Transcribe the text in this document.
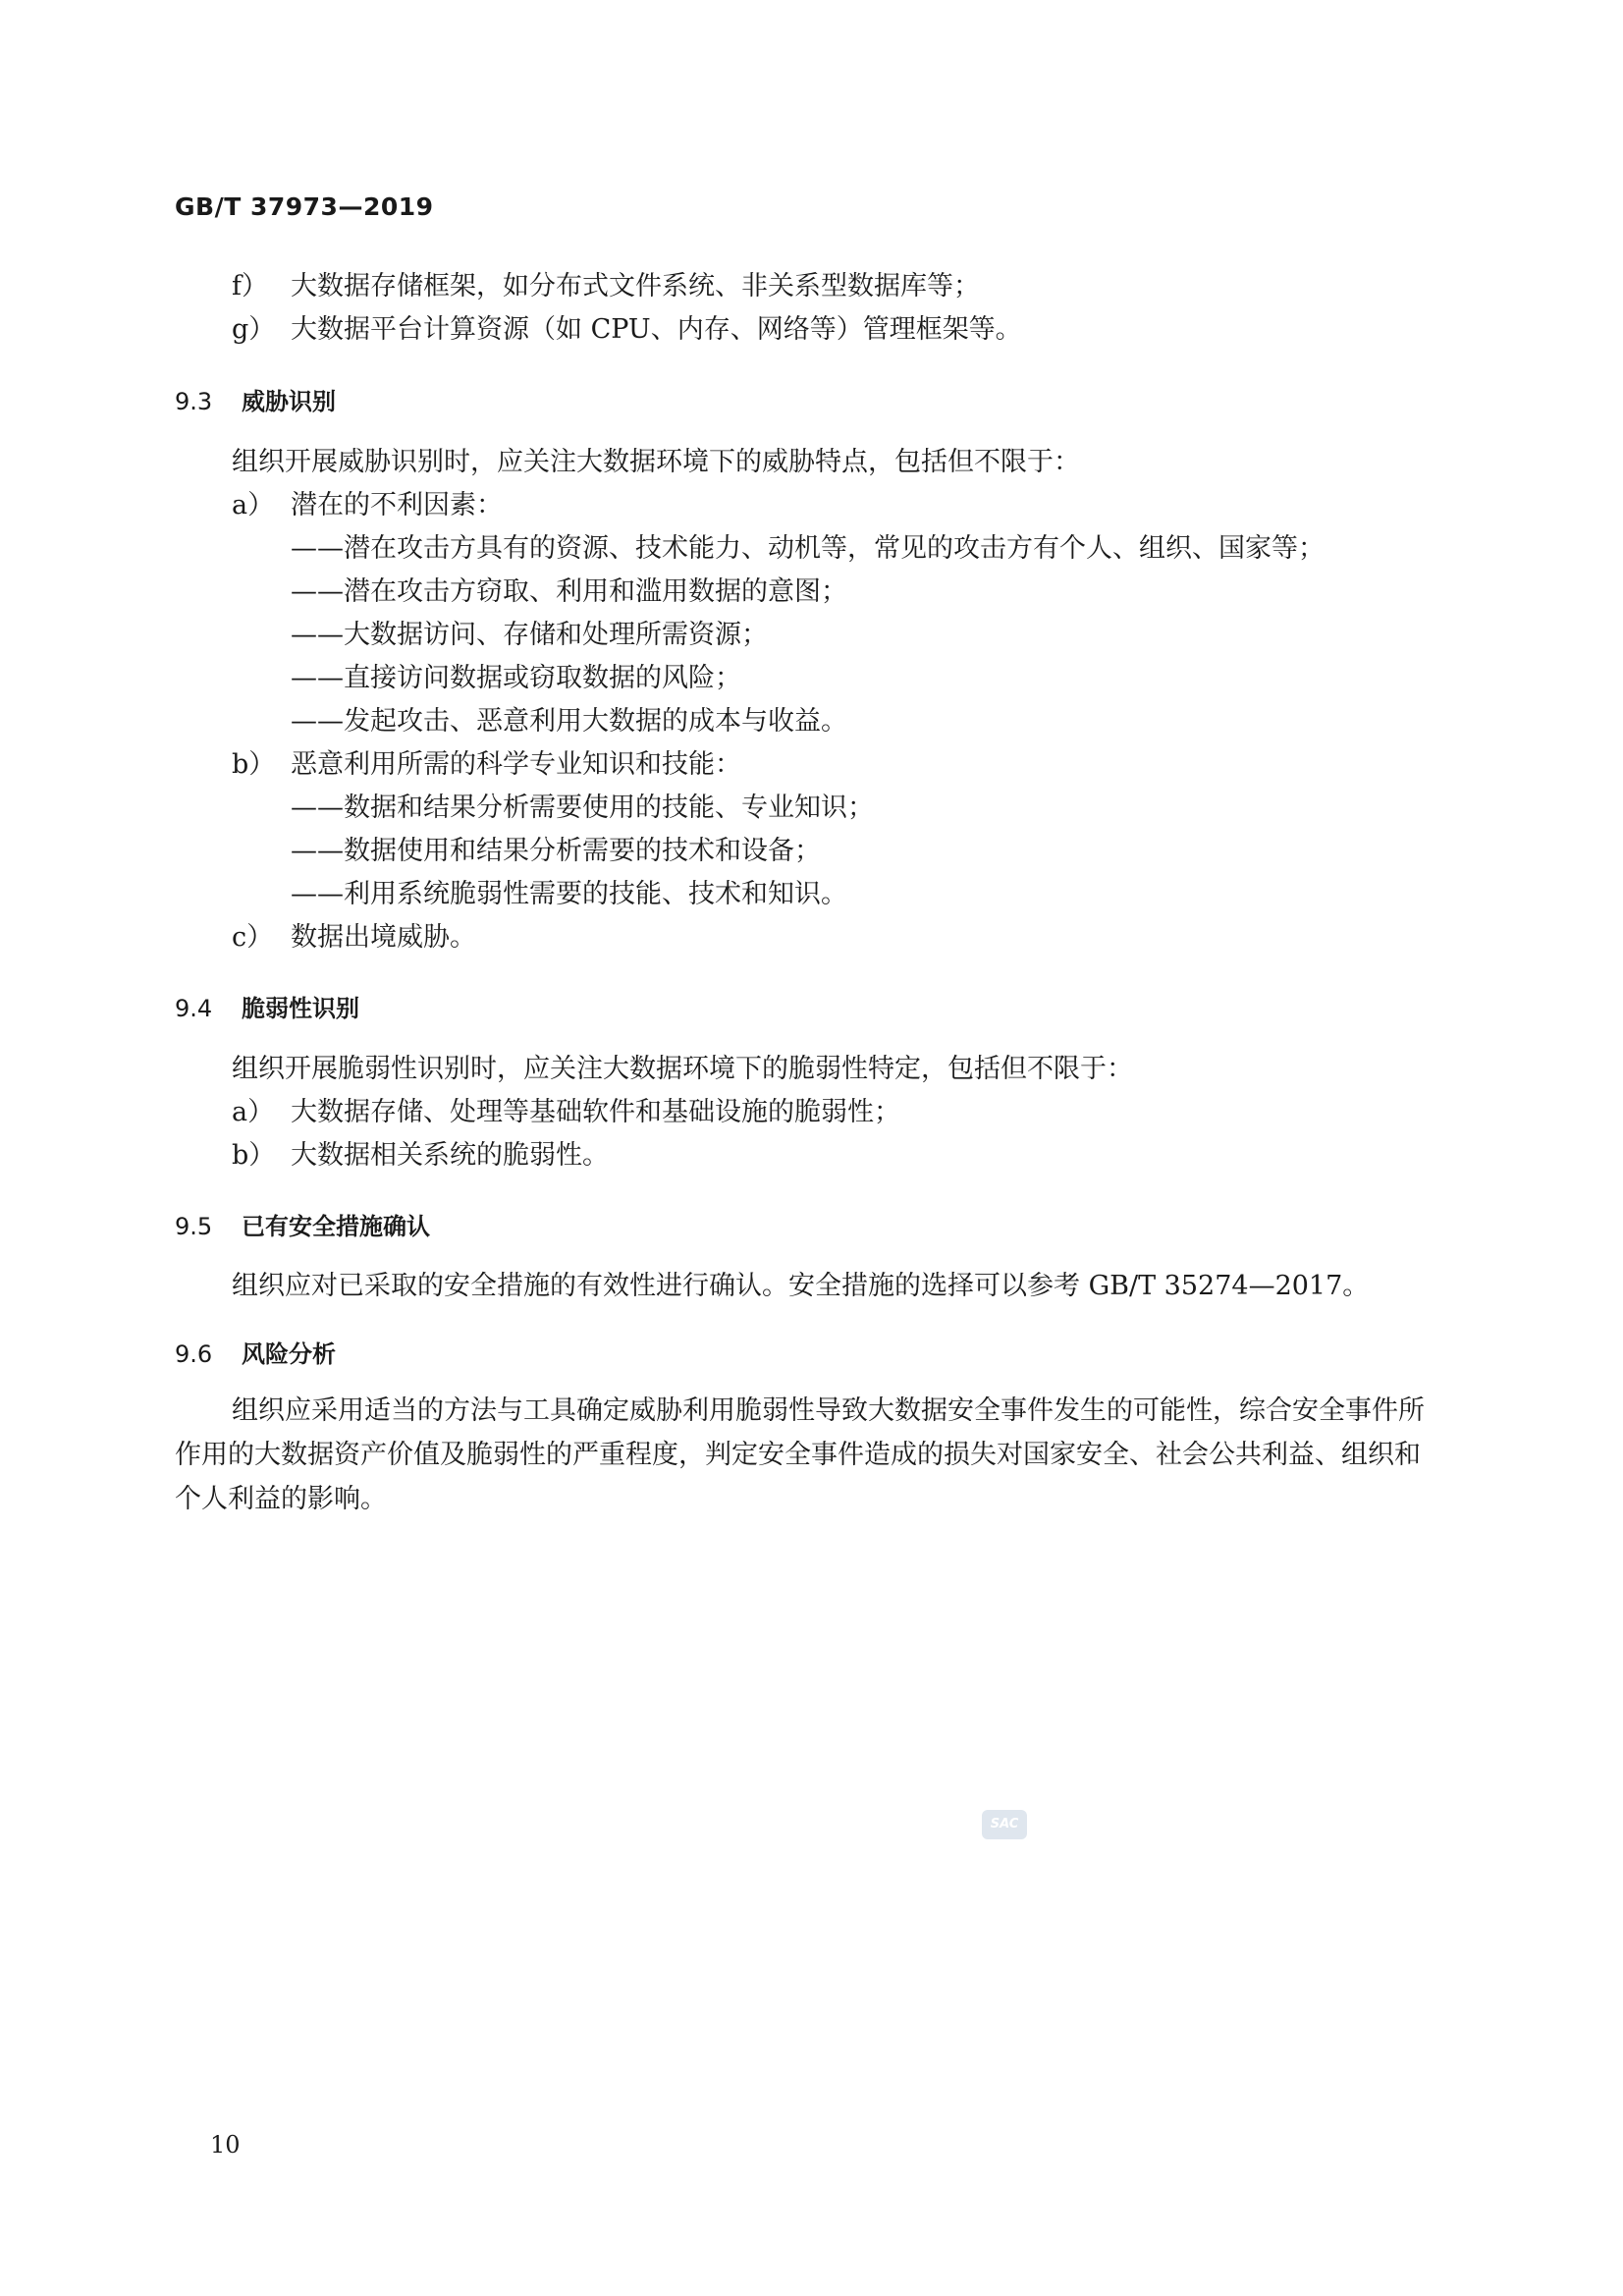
GB/T 37973—2019
f） 大数据存储框架，如分布式文件系统、非关系型数据库等；
g） 大数据平台计算资源（如 CPU、内存、网络等）管理框架等。
9.3 威胁识别
组织开展威胁识别时，应关注大数据环境下的威胁特点，包括但不限于：
a） 潜在的不利因素：
——潜在攻击方具有的资源、技术能力、动机等，常见的攻击方有个人、组织、国家等；
——潜在攻击方窃取、利用和滥用数据的意图；
——大数据访问、存储和处理所需资源；
——直接访问数据或窃取数据的风险；
——发起攻击、恶意利用大数据的成本与收益。
b） 恶意利用所需的科学专业知识和技能：
——数据和结果分析需要使用的技能、专业知识；
——数据使用和结果分析需要的技术和设备；
——利用系统脆弱性需要的技能、技术和知识。
c） 数据出境威胁。
9.4 脆弱性识别
组织开展脆弱性识别时，应关注大数据环境下的脆弱性特定，包括但不限于：
a） 大数据存储、处理等基础软件和基础设施的脆弱性；
b） 大数据相关系统的脆弱性。
9.5 已有安全措施确认
组织应对已采取的安全措施的有效性进行确认。安全措施的选择可以参考 GB/T 35274—2017。
9.6 风险分析
组织应采用适当的方法与工具确定威胁利用脆弱性导致大数据安全事件发生的可能性，综合安全事件所作用的大数据资产价值及脆弱性的严重程度，判定安全事件造成的损失对国家安全、社会公共利益、组织和个人利益的影响。
SAC
10
